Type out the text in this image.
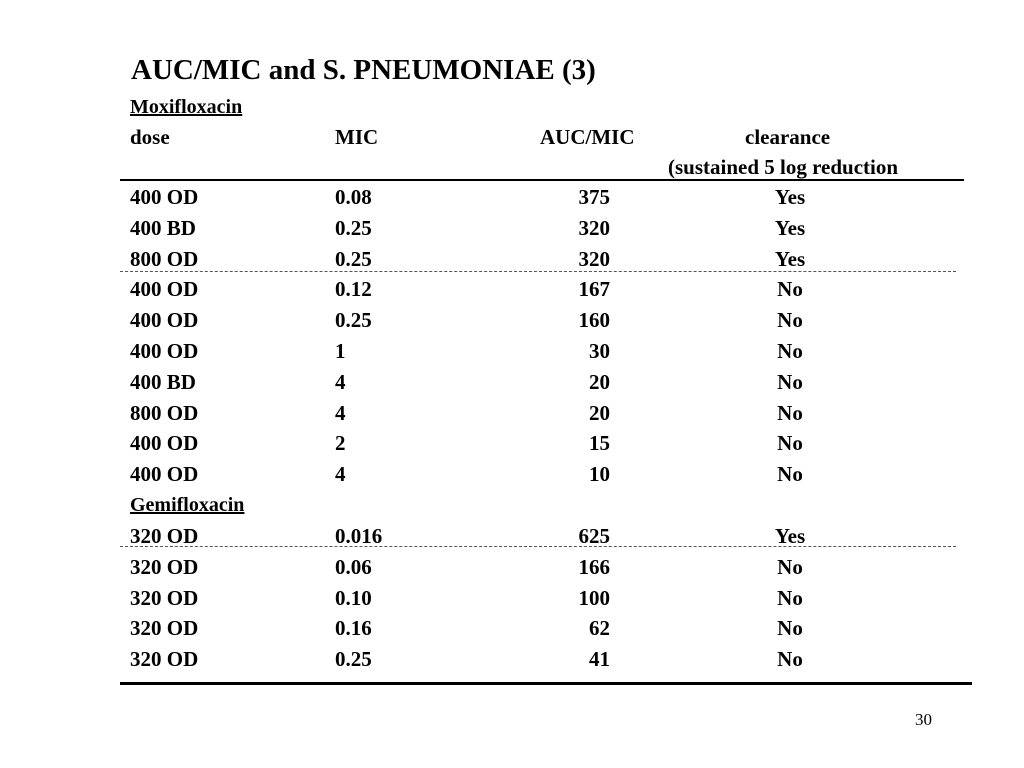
AUC/MIC and S. PNEUMONIAE (3)
Moxifloxacin
dose	MIC	AUC/MIC	clearance
(sustained 5 log reduction
400 OD	0.08	375	Yes
400 BD	0.25	320	Yes
800 OD	0.25	320	Yes
400 OD	0.12	167	No
400 OD	0.25	160	No
400 OD	1	30	No
400 BD	4	20	No
800 OD	4	20	No
400 OD	2	15	No
400 OD	4	10	No
Gemifloxacin
320 OD	0.016	625	Yes
320 OD	0.06	166	No
320 OD	0.10	100	No
320 OD	0.16	62	No
320 OD	0.25	41	No
30
